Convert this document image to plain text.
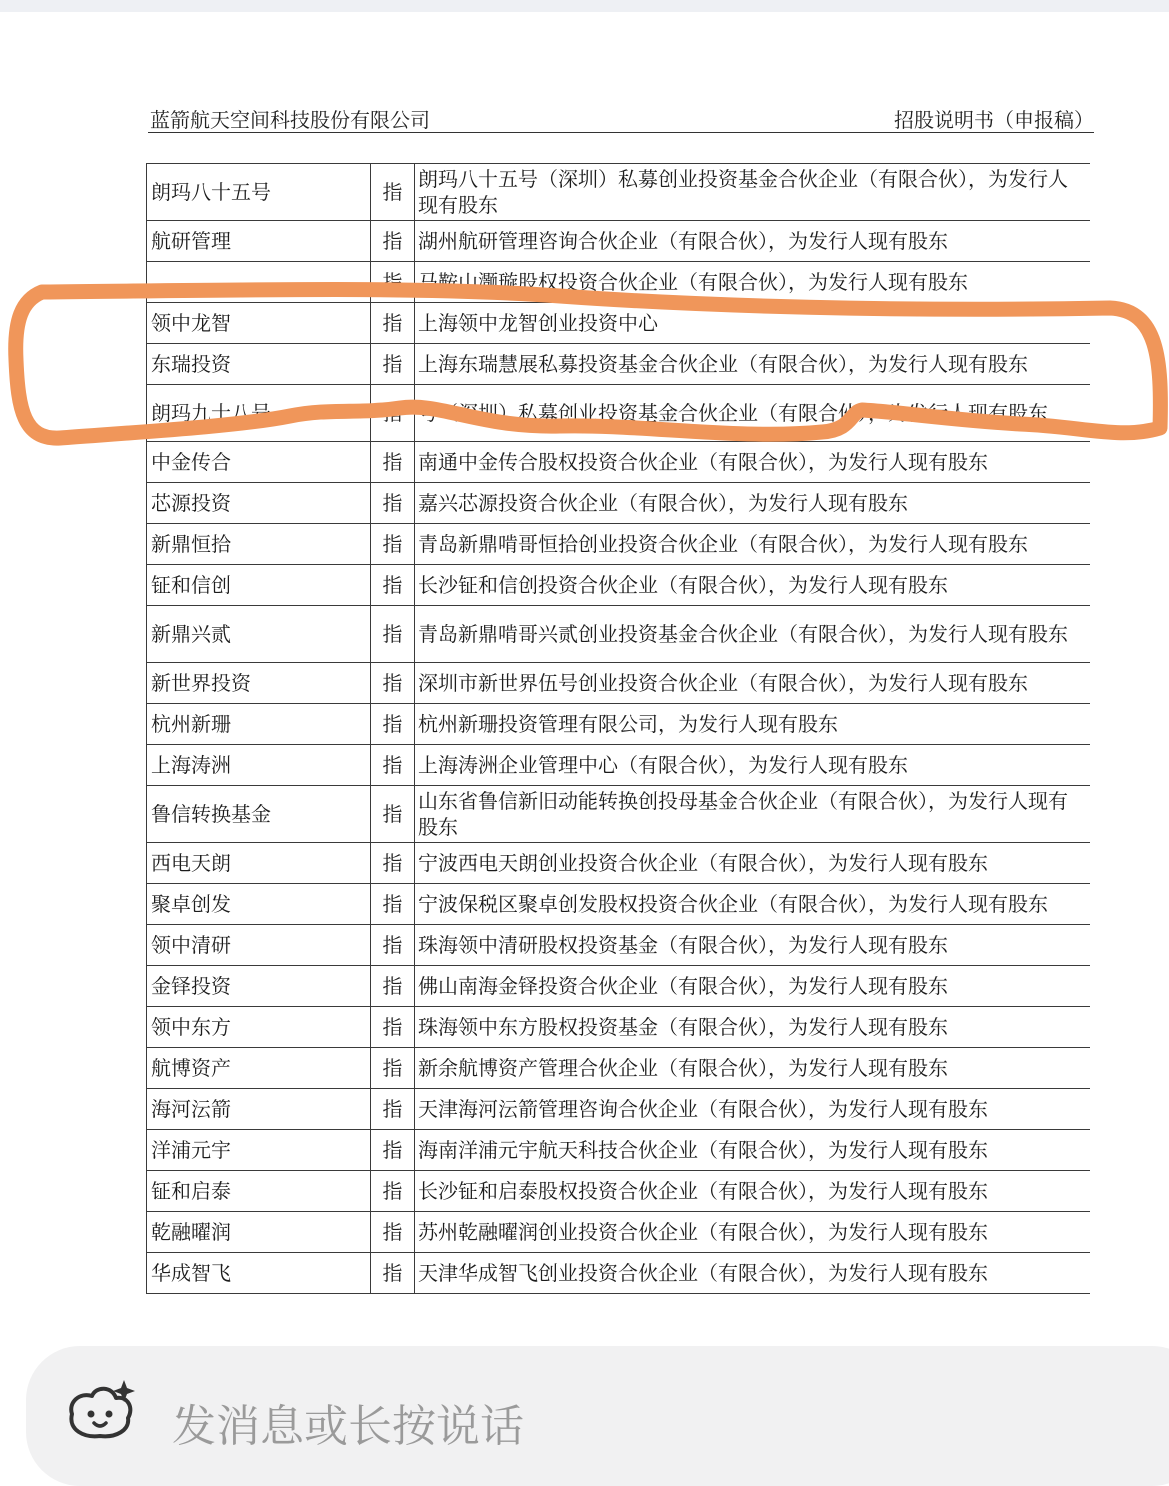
蓝箭航天空间科技股份有限公司	招股说明书（申报稿）
朗玛八十五号	指	朗玛八十五号（深圳）私募创业投资基金合伙企业（有限合伙），为发行人现有股东
航研管理	指	湖州航研管理咨询合伙企业（有限合伙），为发行人现有股东
	指	马鞍山灏璇股权投资合伙企业（有限合伙），为发行人现有股东
领中龙智	指	上海领中龙智创业投资中心
东瑞投资	指	上海东瑞慧展私募投资基金合伙企业（有限合伙），为发行人现有股东
朗玛九十八号	指	号（深圳）私募创业投资基金合伙企业（有限合伙），为发行人现有股东
中金传合	指	南通中金传合股权投资合伙企业（有限合伙），为发行人现有股东
芯源投资	指	嘉兴芯源投资合伙企业（有限合伙），为发行人现有股东
新鼎恒拾	指	青岛新鼎啃哥恒拾创业投资合伙企业（有限合伙），为发行人现有股东
钲和信创	指	长沙钲和信创投资合伙企业（有限合伙），为发行人现有股东
新鼎兴贰	指	青岛新鼎啃哥兴贰创业投资基金合伙企业（有限合伙），为发行人现有股东
新世界投资	指	深圳市新世界伍号创业投资合伙企业（有限合伙），为发行人现有股东
杭州新珊	指	杭州新珊投资管理有限公司，为发行人现有股东
上海涛洲	指	上海涛洲企业管理中心（有限合伙），为发行人现有股东
鲁信转换基金	指	山东省鲁信新旧动能转换创投母基金合伙企业（有限合伙），为发行人现有股东
西电天朗	指	宁波西电天朗创业投资合伙企业（有限合伙），为发行人现有股东
聚卓创发	指	宁波保税区聚卓创发股权投资合伙企业（有限合伙），为发行人现有股东
领中清研	指	珠海领中清研股权投资基金（有限合伙），为发行人现有股东
金铎投资	指	佛山南海金铎投资合伙企业（有限合伙），为发行人现有股东
领中东方	指	珠海领中东方股权投资基金（有限合伙），为发行人现有股东
航博资产	指	新余航博资产管理合伙企业（有限合伙），为发行人现有股东
海河沄箭	指	天津海河沄箭管理咨询合伙企业（有限合伙），为发行人现有股东
洋浦元宇	指	海南洋浦元宇航天科技合伙企业（有限合伙），为发行人现有股东
钲和启泰	指	长沙钲和启泰股权投资合伙企业（有限合伙），为发行人现有股东
乾融曜润	指	苏州乾融曜润创业投资合伙企业（有限合伙），为发行人现有股东
华成智飞	指	天津华成智飞创业投资合伙企业（有限合伙），为发行人现有股东
发消息或长按说话
